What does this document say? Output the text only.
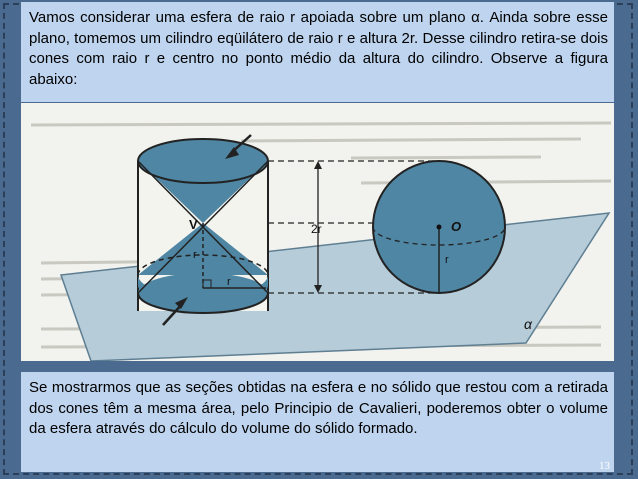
Vamos considerar uma esfera de raio r apoiada sobre um plano α. Ainda sobre esse plano, tomemos um cilindro eqüilátero de raio r e altura 2r. Desse cilindro retira-se dois cones com raio r e centro no ponto médio da altura do cilindro. Observe a figura abaixo:
α
V
r
r
2r	O
r
Se mostrarmos que as seções obtidas na esfera e no sólido que restou com a retirada dos cones têm a mesma área, pelo Principio de Cavalieri, poderemos obter o volume da esfera através do cálculo do volume do sólido formado.
13
